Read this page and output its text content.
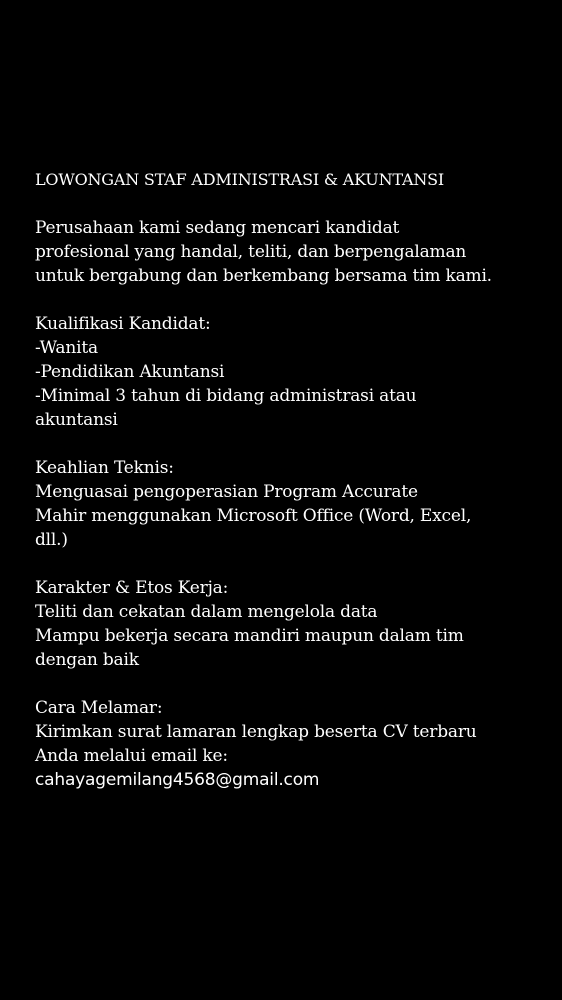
LOWONGAN STAF ADMINISTRASI & AKUNTANSI
Perusahaan kami sedang mencari kandidat
profesional yang handal, teliti, dan berpengalaman
untuk bergabung dan berkembang bersama tim kami.
Kualifikasi Kandidat:
-Wanita
-Pendidikan Akuntansi
-Minimal 3 tahun di bidang administrasi atau
akuntansi
Keahlian Teknis:
Menguasai pengoperasian Program Accurate
Mahir menggunakan Microsoft Office (Word, Excel,
dll.)
Karakter & Etos Kerja:
Teliti dan cekatan dalam mengelola data
Mampu bekerja secara mandiri maupun dalam tim
dengan baik
Cara Melamar:
Kirimkan surat lamaran lengkap beserta CV terbaru
Anda melalui email ke:
cahayagemilang4568@gmail.com
